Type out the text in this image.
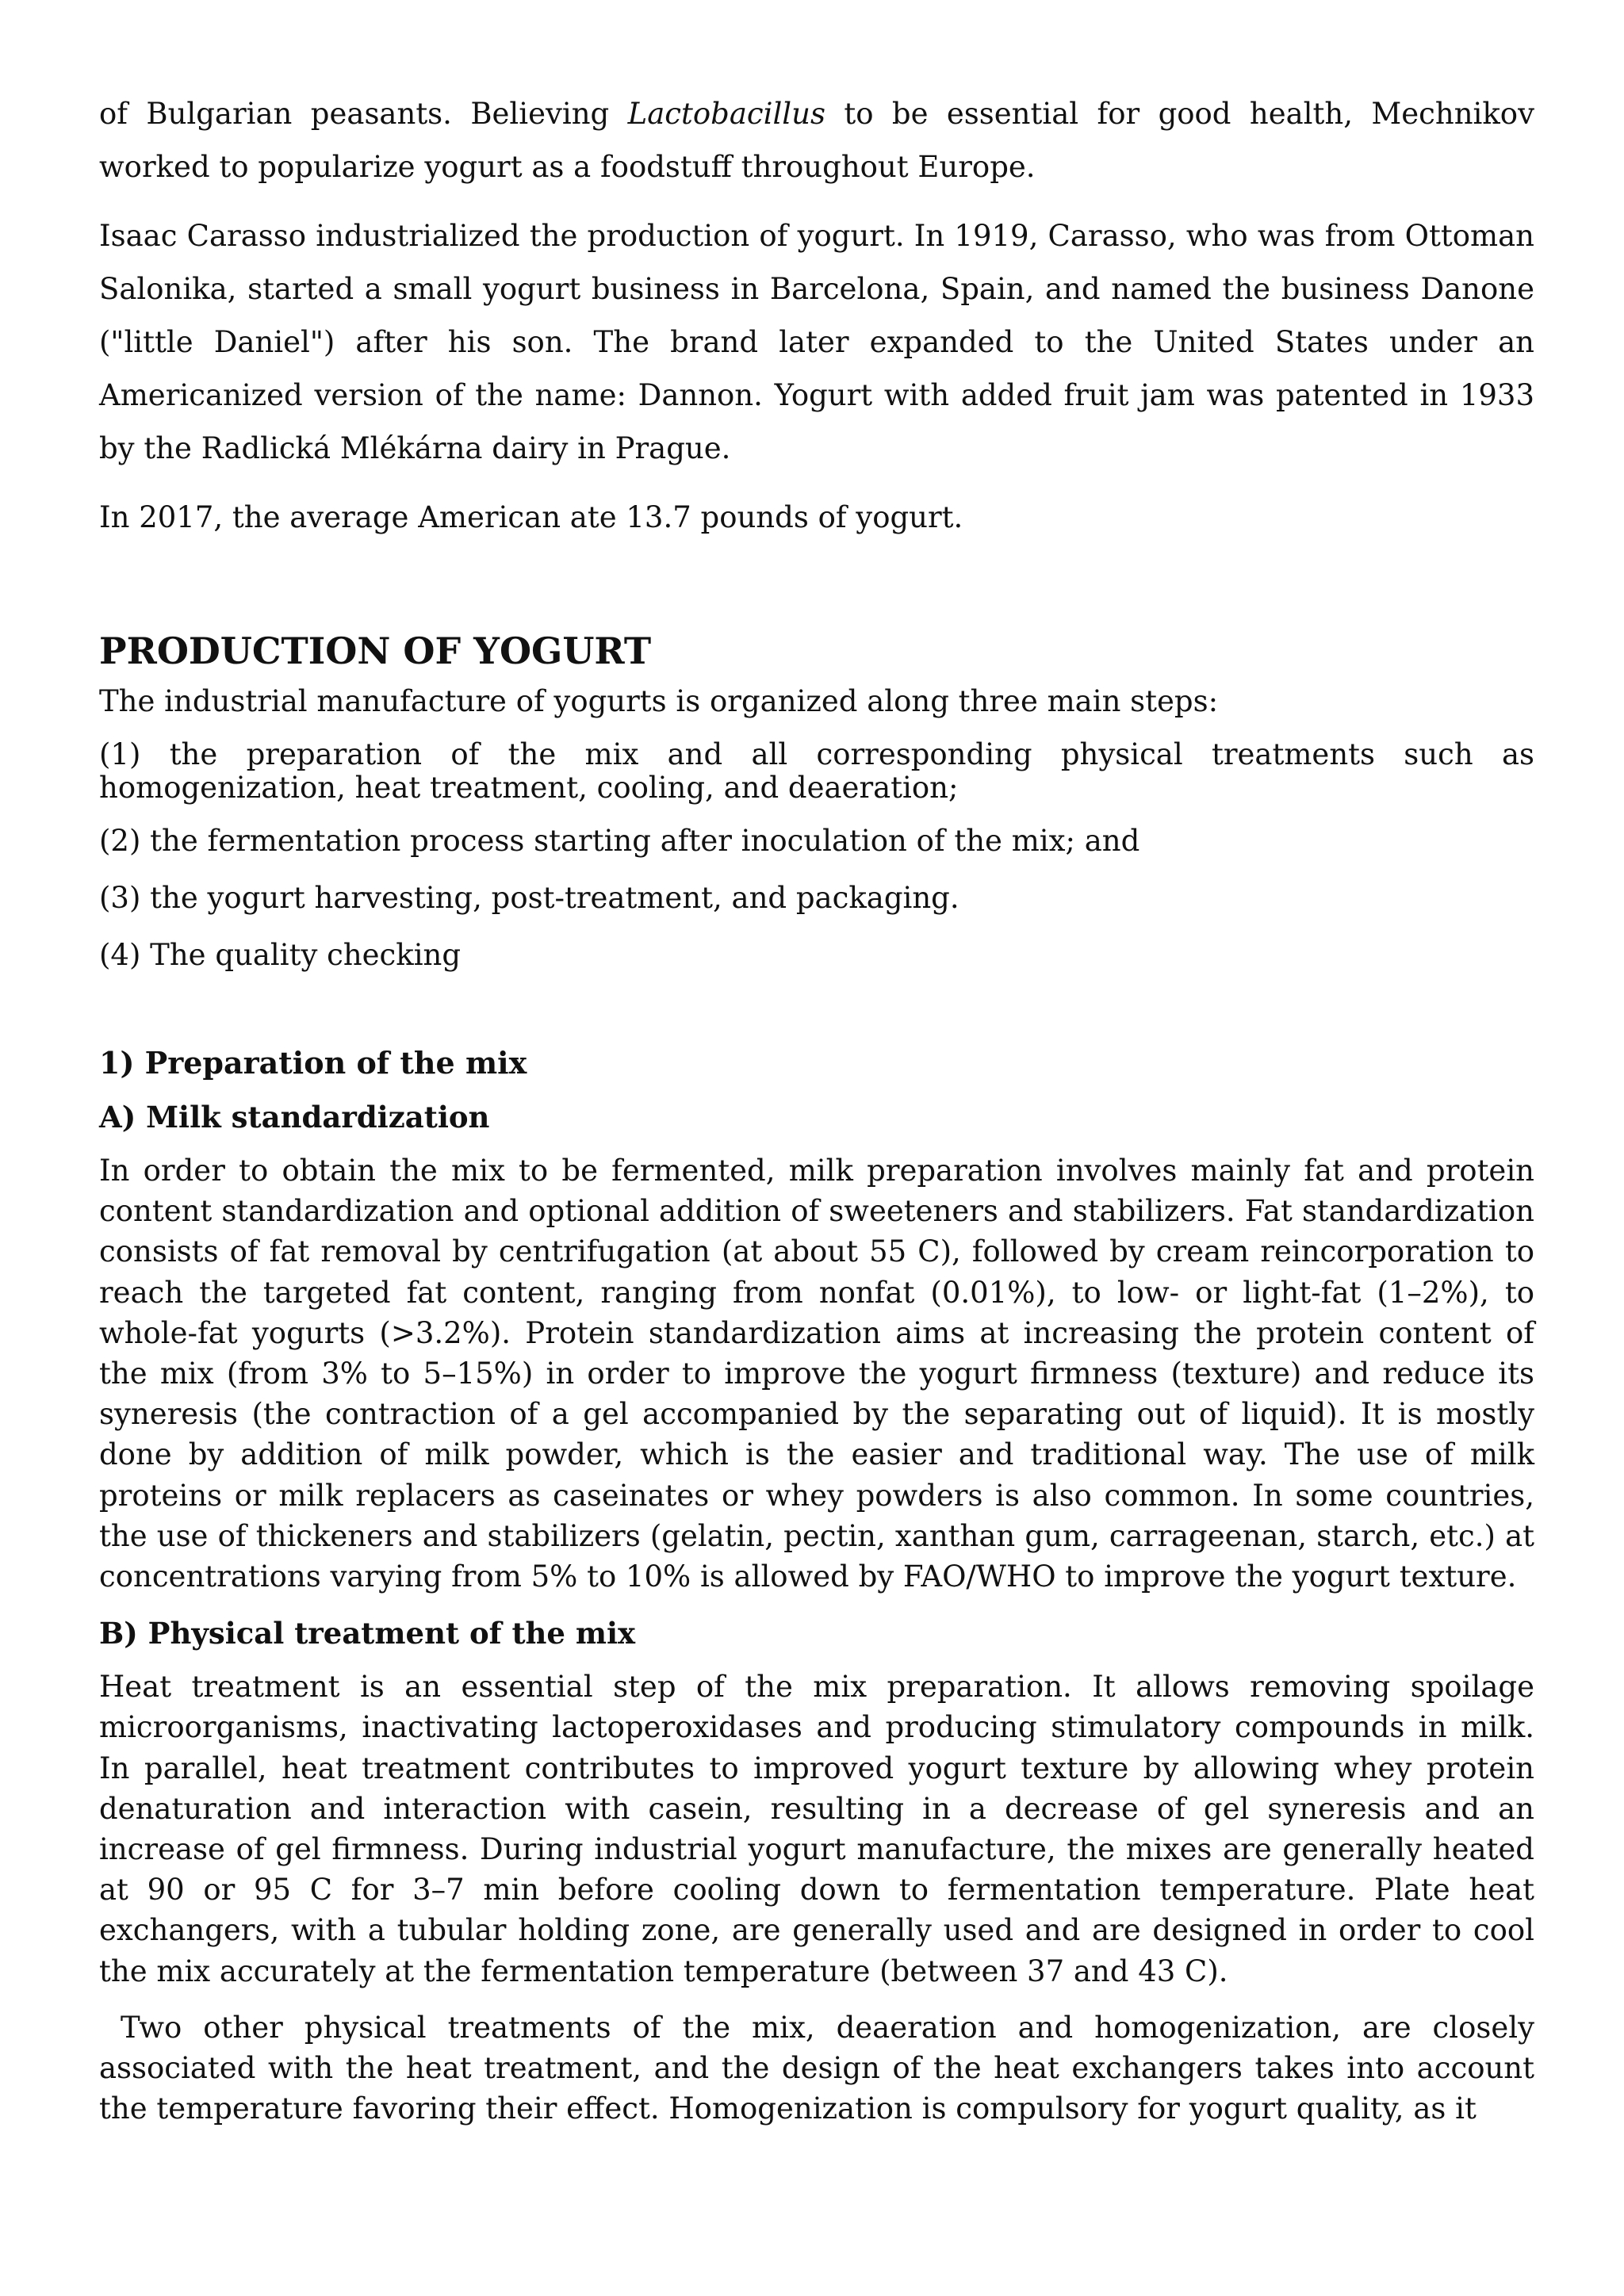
of Bulgarian peasants. Believing Lactobacillus to be essential for good health, Mechnikov worked to popularize yogurt as a foodstuff throughout Europe.

Isaac Carasso industrialized the production of yogurt. In 1919, Carasso, who was from Ottoman Salonika, started a small yogurt business in Barcelona, Spain, and named the business Danone ("little Daniel") after his son. The brand later expanded to the United States under an Americanized version of the name: Dannon. Yogurt with added fruit jam was patented in 1933 by the Radlická Mlékárna dairy in Prague.

In 2017, the average American ate 13.7 pounds of yogurt.

PRODUCTION OF YOGURT

The industrial manufacture of yogurts is organized along three main steps:

(1) the preparation of the mix and all corresponding physical treatments such as homogenization, heat treatment, cooling, and deaeration;

(2) the fermentation process starting after inoculation of the mix; and

(3) the yogurt harvesting, post-treatment, and packaging.

(4) The quality checking

1) Preparation of the mix
A) Milk standardization

In order to obtain the mix to be fermented, milk preparation involves mainly fat and protein content standardization and optional addition of sweeteners and stabilizers. Fat standardization consists of fat removal by centrifugation (at about 55 C), followed by cream reincorporation to reach the targeted fat content, ranging from nonfat (0.01%), to low- or light-fat (1–2%), to whole-fat yogurts (>3.2%). Protein standardization aims at increasing the protein content of the mix (from 3% to 5–15%) in order to improve the yogurt firmness (texture) and reduce its syneresis (the contraction of a gel accompanied by the separating out of liquid). It is mostly done by addition of milk powder, which is the easier and traditional way. The use of milk proteins or milk replacers as caseinates or whey powders is also common. In some countries, the use of thickeners and stabilizers (gelatin, pectin, xanthan gum, carrageenan, starch, etc.) at concentrations varying from 5% to 10% is allowed by FAO/WHO to improve the yogurt texture.

B) Physical treatment of the mix

Heat treatment is an essential step of the mix preparation. It allows removing spoilage microorganisms, inactivating lactoperoxidases and producing stimulatory compounds in milk. In parallel, heat treatment contributes to improved yogurt texture by allowing whey protein denaturation and interaction with casein, resulting in a decrease of gel syneresis and an increase of gel firmness. During industrial yogurt manufacture, the mixes are generally heated at 90 or 95 C for 3–7 min before cooling down to fermentation temperature. Plate heat exchangers, with a tubular holding zone, are generally used and are designed in order to cool the mix accurately at the fermentation temperature (between 37 and 43 C).

Two other physical treatments of the mix, deaeration and homogenization, are closely associated with the heat treatment, and the design of the heat exchangers takes into account the temperature favoring their effect. Homogenization is compulsory for yogurt quality, as it
